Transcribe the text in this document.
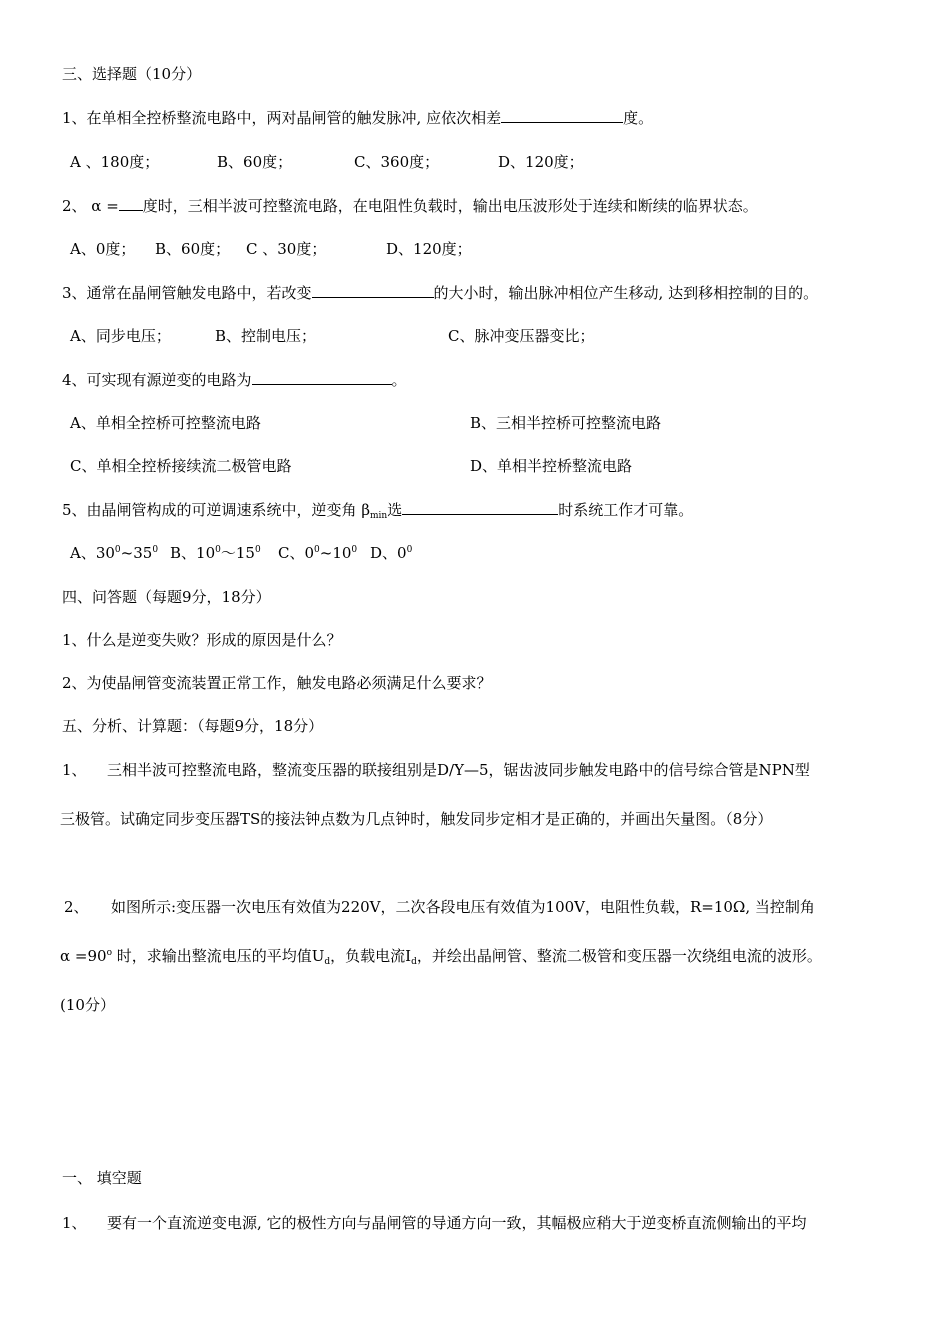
三、选择题（10分）
1、在单相全控桥整流电路中，两对晶闸管的触发脉冲, 应依次相差	度。
A 、180度；	B、60度；	C、360度；	D、120度；
2、 α = 度时，三相半波可控整流电路，在电阻性负载时，输出电压波形处于连续和断续的临界状态。
A、0度； B、60度； C 、30度；	D、120度；
3、通常在晶闸管触发电路中，若改变	的大小时，输出脉冲相位产生移动, 达到移相控制的目的。
A、同步电压；	B、控制电压；	C、脉冲变压器变比；
4、可实现有源逆变的电路为	。
A、单相全控桥可控整流电路	B、三相半控桥可控整流电路
C、单相全控桥接续流二极管电路	D、单相半控桥整流电路
5、由晶闸管构成的可逆调速系统中，逆变角 $\beta_{min}$选	时系统工作才可靠。
A、$30^0\sim 35^0$ B、$10^0\sim 15^0$ C、$0^0\sim 10^0$ D、$0^0$
四、问答题（每题9分，18分）
1、什么是逆变失败？形成的原因是什么？
2、为使晶闸管变流装置正常工作，触发电路必须满足什么要求？
五、分析、计算题：（每题9分，18分）
1、 三相半波可控整流电路，整流变压器的联接组别是D/Y—5，锯齿波同步触发电路中的信号综合管是NPN型
三极管。试确定同步变压器TS的接法钟点数为几点钟时，触发同步定相才是正确的，并画出矢量图。（8分）
2、 如图所示:变压器一次电压有效值为220V，二次各段电压有效值为100V，电阻性负载，R=10Ω, 当控制角
$\alpha =90^o$ 时，求输出整流电压的平均值$U_d$，负载电流$I_d$，并绘出晶闸管、整流二极管和变压器一次绕组电流的波形。
(10分）
一、 填空题
1、 要有一个直流逆变电源, 它的极性方向与晶闸管的导通方向一致，其幅极应稍大于逆变桥直流侧输出的平均
